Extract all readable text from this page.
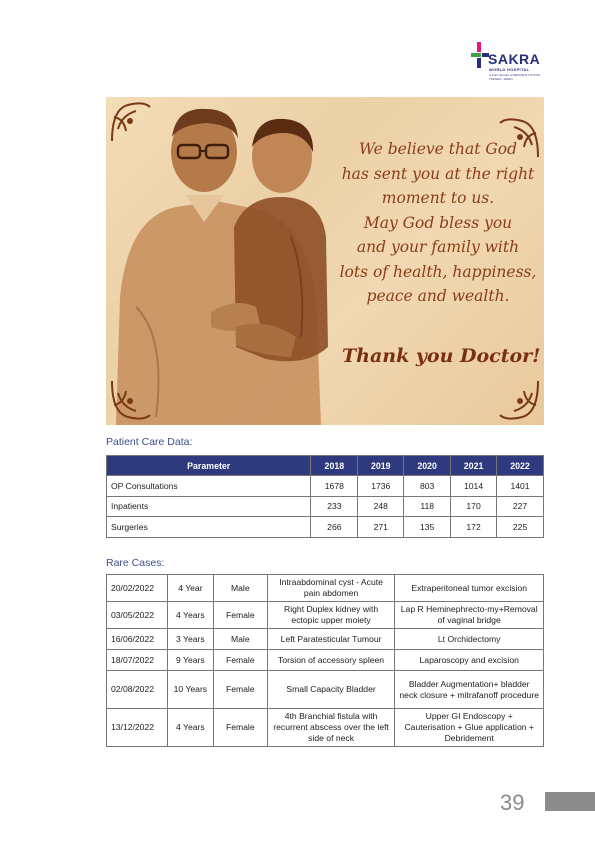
SAKRA
WORLD HOSPITAL
A Joint Venture of SECOM & TOYOTA TSUSHO, JAPAN
We believe that God
has sent you at the right
moment to us.
May God bless you
and your family with
lots of health, happiness,
peace and wealth.
Thank you Doctor!
Patient Care Data:
Parameter	2018	2019	2020	2021	2022
OP Consultations	1678	1736	803	1014	1401
Inpatients	233	248	118	170	227
Surgeries	266	271	135	172	225
Rare Cases:
20/02/2022	4 Year	Male	Intraabdominal cyst - Acute pain abdomen	Extraperitoneal tumor excision
03/05/2022	4 Years	Female	Right Duplex kidney with ectopic upper moiety	Lap R Heminephrecto-my+Removal of vaginal bridge
16/06/2022	3 Years	Male	Left Paratesticular Tumour	Lt Orchidectomy
18/07/2022	9 Years	Female	Torsion of accessory spleen	Laparoscopy and excision
02/08/2022	10 Years	Female	Small Capacity Bladder	Bladder Augmentation+ bladder neck closure + mitrafanoff procedure
13/12/2022	4 Years	Female	4th Branchial fistula with recurrent abscess over the left side of neck	Upper GI Endoscopy + Cauterisation + Glue application + Debridement
39
